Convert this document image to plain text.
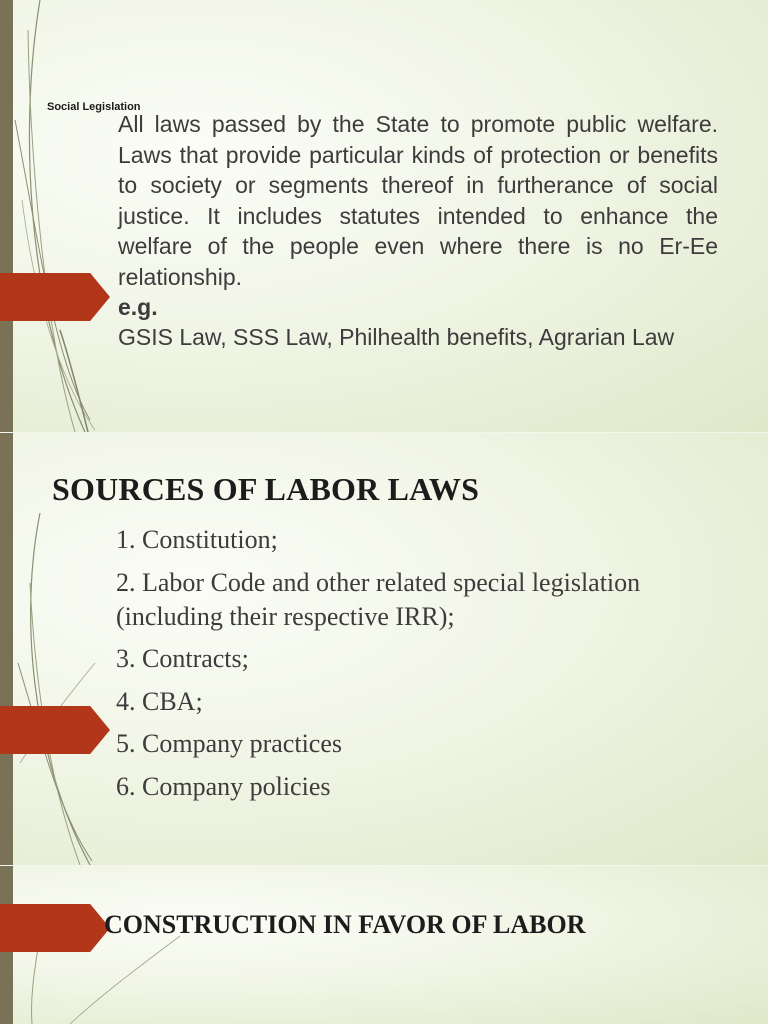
Social Legislation

All laws passed by the State to promote public welfare. Laws that provide particular kinds of protection or benefits to society or segments thereof in furtherance of social justice. It includes statutes intended to enhance the welfare of the people even where there is no Er-Ee relationship.
e.g.

GSIS Law, SSS Law, Philhealth benefits, Agrarian Law

SOURCES OF LABOR LAWS
1. Constitution;
2. Labor Code and other related special legislation (including their respective IRR);
3. Contracts;
4. CBA;
5. Company practices
6. Company policies
CONSTRUCTION IN FAVOR OF LABOR
